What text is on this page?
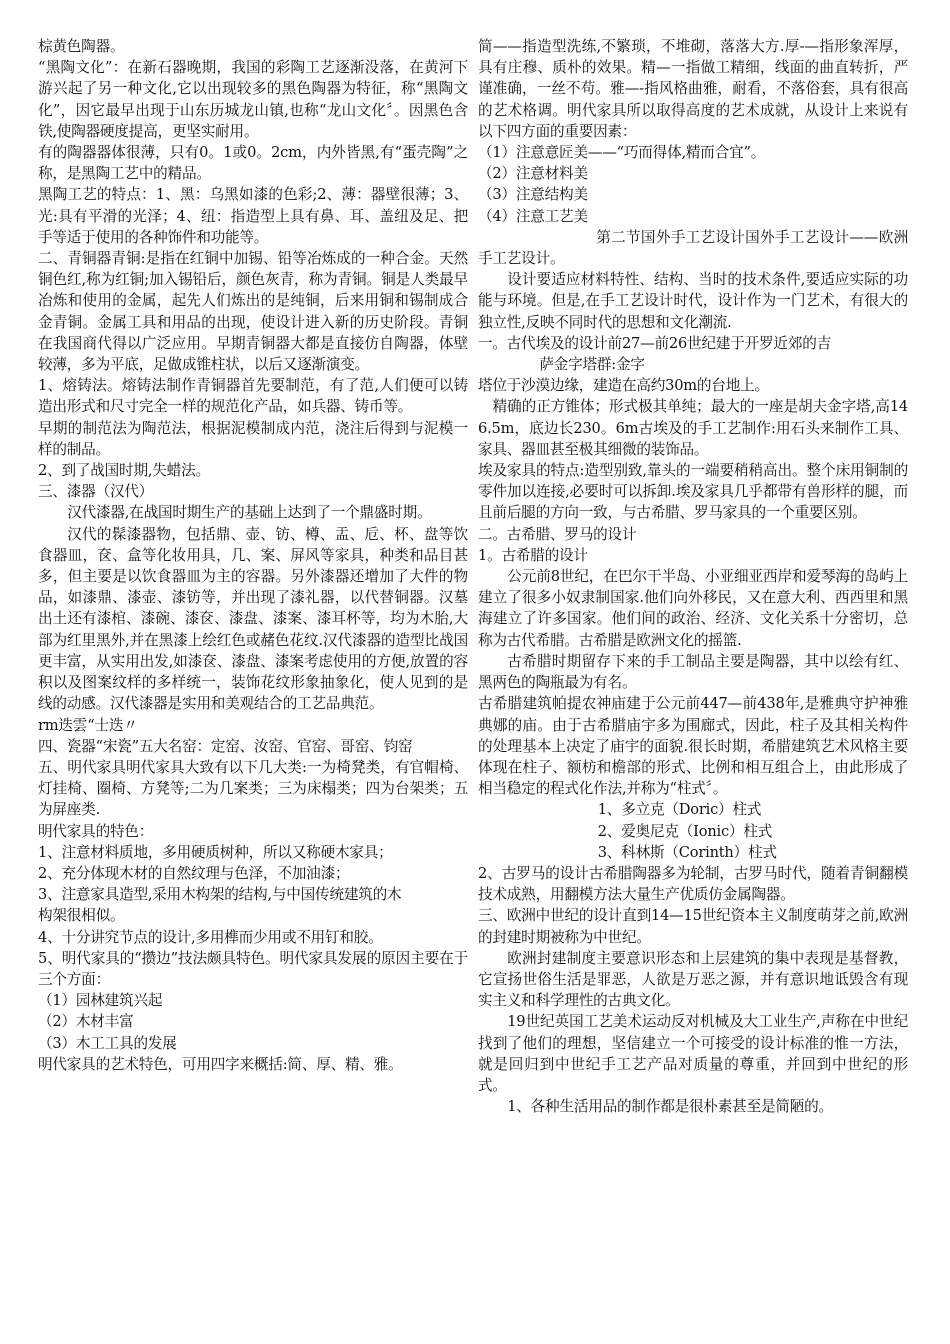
棕黄色陶器。

“黑陶文化”：在新石器晚期，我国的彩陶工艺逐渐没落，在黄河下游兴起了另一种文化,它以出现较多的黑色陶器为特征，称“黑陶文化”，因它最早出现于山东历城龙山镇,也称“龙山文化〞。因黑色含铁,使陶器硬度提高，更坚实耐用。

有的陶器器体很薄，只有0。1或0。2cm，内外皆黑,有“蛋壳陶”之称，是黑陶工艺中的精品。

黑陶工艺的特点：1、黑：乌黑如漆的色彩;2、薄：器壁很薄；3、光:具有平滑的光泽；4、纽：指造型上具有鼻、耳、盖纽及足、把手等适于使用的各种饰件和功能等。

二、青铜器青铜:是指在红铜中加锡、铅等冶炼成的一种合金。天然铜色红,称为红铜;加入锡铅后，颜色灰青，称为青铜。铜是人类最早冶炼和使用的金属，起先人们炼出的是纯铜，后来用铜和锡制成合金青铜。金属工具和用品的出现，使设计进入新的历史阶段。青铜在我国商代得以广泛应用。早期青铜器大都是直接仿自陶器，体壁较薄，多为平底，足做成锥柱状，以后又逐渐演变。

1、熔铸法。熔铸法制作青铜器首先要制范，有了范,人们便可以铸造出形式和尺寸完全一样的规范化产品，如兵器、铸币等。

早期的制范法为陶范法，根据泥模制成内范，浇注后得到与泥模一样的制品。

2、到了战国时期,失蜡法。

三、漆器（汉代）

汉代漆器,在战国时期生产的基础上达到了一个鼎盛时期。

汉代的髹漆器物，包括鼎、壶、钫、樽、盂、卮、杯、盘等饮食器皿，奁、盒等化妆用具，几、案、屏风等家具，种类和品目甚多，但主要是以饮食器皿为主的容器。另外漆器还增加了大件的物品，如漆鼎、漆壶、漆钫等，并出现了漆礼器，以代替铜器。汉墓出土还有漆棺、漆碗、漆奁、漆盘、漆案、漆耳杯等，均为木胎,大部为红里黑外,并在黑漆上绘红色或赭色花纹.汉代漆器的造型比战国更丰富，从实用出发,如漆奁、漆盘、漆案考虑使用的方便,放置的容积以及图案纹样的多样统一，装饰花纹形象抽象化，使人见到的是线的动感。汉代漆器是实用和美观结合的工艺品典范。

rm迭雲“士迭〃

四、瓷器“宋瓷”五大名窑：定窑、汝窑、官窑、哥窑、钧窑

五、明代家具明代家具大致有以下几大类:一为椅凳类，有官帽椅、灯挂椅、圈椅、方凳等;二为几案类；三为床榻类；四为台架类；五为屏座类.

明代家具的特色：

1、注意材料质地，多用硬质树种，所以又称硬木家具；

2、充分体现木材的自然纹理与色泽，不加油漆；

3、注意家具造型,采用木构架的结构,与中国传统建筑的木

构架很相似。

4、十分讲究节点的设计,多用榫而少用或不用钉和胶。

5、明代家具的“攒边”技法颇具特色。明代家具发展的原因主要在于三个方面：

（1）园林建筑兴起

（2）木材丰富

（3）木工工具的发展

明代家具的艺术特色，可用四字来概括:简、厚、精、雅。

简——指造型洗练,不繁琐，不堆砌，落落大方.厚-—指形象浑厚，具有庄穆、质朴的效果。精—一指做工精细，线面的曲直转折，严谨准确，一丝不苟。雅—-指风格曲雅，耐看，不落俗套，具有很高的艺术格调。明代家具所以取得高度的艺术成就，从设计上来说有以下四方面的重要因素：

（1）注意意匠美——“巧而得体,精而合宜”。

（2）注意材料美

（3）注意结构美

（4）注意工艺美

第二节国外手工艺设计国外手工艺设计——欧洲手工艺设计。

设计要适应材料特性、结构、当时的技术条件,要适应实际的功能与环境。但是,在手工艺设计时代，设计作为一门艺术，有很大的独立性,反映不同时代的思想和文化潮流.

一。古代埃及的设计前27—前26世纪建于开罗近郊的吉

萨金字塔群:金字

塔位于沙漠边缘，建造在高约30m的台地上。

精确的正方锥体；形式极其单纯；最大的一座是胡夫金字塔,高146.5m，底边长230。6m古埃及的手工艺制作:用石头来制作工具、家具、器皿甚至极其细微的装饰品。

埃及家具的特点:造型别致,靠头的一端要稍稍高出。整个床用铜制的零件加以连接,必要时可以拆卸.埃及家具几乎都带有兽形样的腿，而且前后腿的方向一致，与古希腊、罗马家具的一个重要区别。

二。古希腊、罗马的设计

1。古希腊的设计

公元前8世纪，在巴尔干半岛、小亚细亚西岸和爱琴海的岛屿上建立了很多小奴隶制国家.他们向外移民，又在意大利、西西里和黑海建立了许多国家。他们间的政治、经济、文化关系十分密切，总称为古代希腊。古希腊是欧洲文化的摇篮.

古希腊时期留存下来的手工制品主要是陶器，其中以绘有红、黑两色的陶瓶最为有名。

古希腊建筑帕提农神庙建于公元前447—前438年,是雅典守护神雅典娜的庙。由于古希腊庙宇多为围廊式，因此，柱子及其相关构件的处理基本上决定了庙宇的面貌.很长时期，希腊建筑艺术风格主要体现在柱子、额枋和檐部的形式、比例和相互组合上，由此形成了相当稳定的程式化作法,并称为“柱式〞。

1、多立克（Doric）柱式

2、爱奥尼克（Ionic）柱式

3、科林斯（Corinth）柱式

2、古罗马的设计古希腊陶器多为轮制，古罗马时代，随着青铜翻模技术成熟，用翻模方法大量生产优质仿金属陶器。

三、欧洲中世纪的设计直到14—15世纪资本主义制度萌芽之前,欧洲的封建时期被称为中世纪。

欧洲封建制度主要意识形态和上层建筑的集中表现是基督教，它宣扬世俗生活是罪恶，人欲是万恶之源，并有意识地诋毁含有现实主义和科学理性的古典文化。

19世纪英国工艺美术运动反对机械及大工业生产,声称在中世纪找到了他们的理想，坚信建立一个可接受的设计标准的惟一方法，就是回归到中世纪手工艺产品对质量的尊重，并回到中世纪的形式。

1、各种生活用品的制作都是很朴素甚至是简陋的。
